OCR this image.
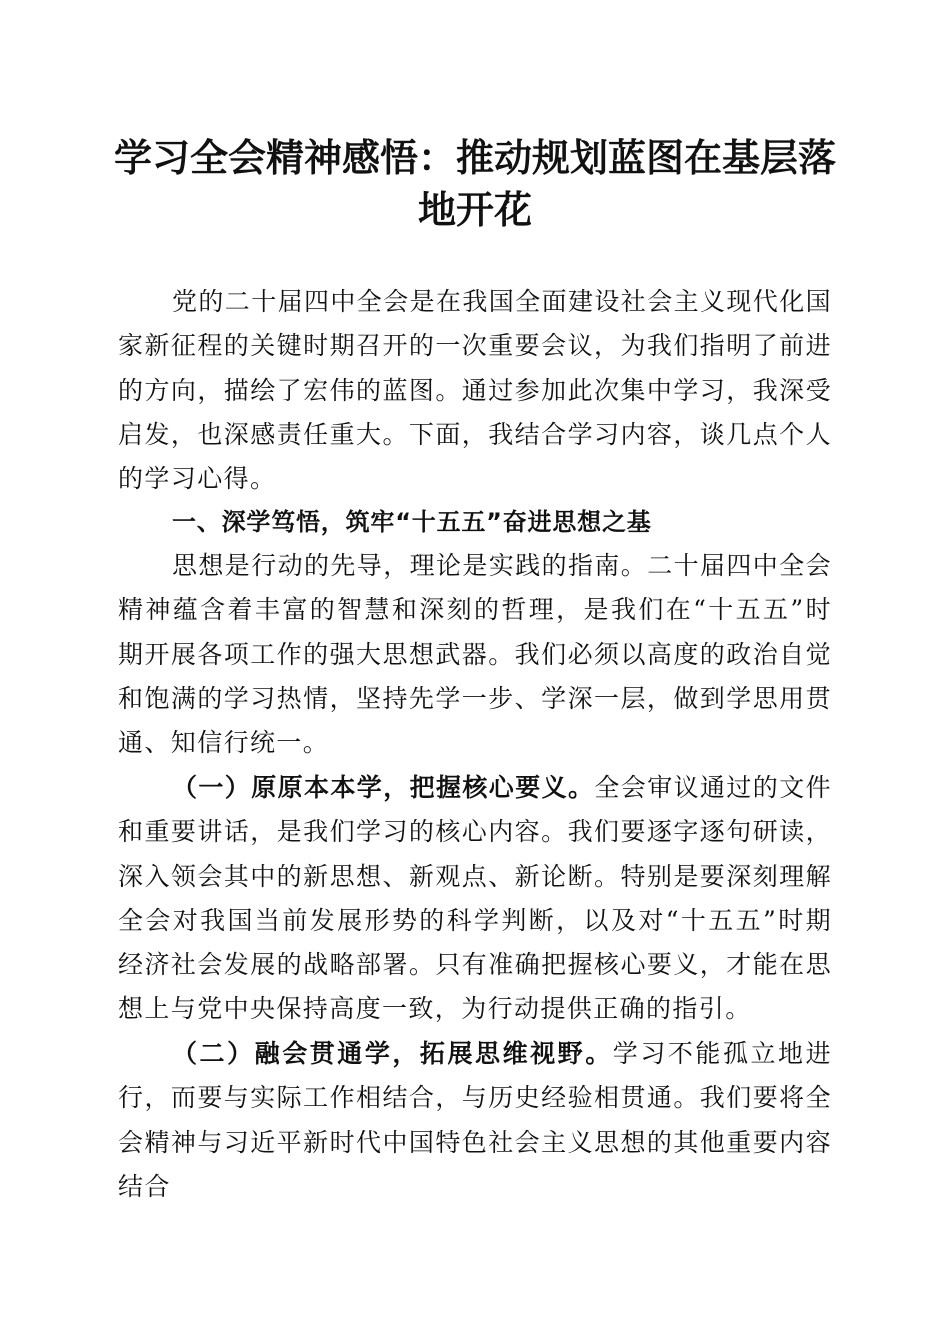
学习全会精神感悟：推动规划蓝图在基层落地开花

党的二十届四中全会是在我国全面建设社会主义现代化国家新征程的关键时期召开的一次重要会议，为我们指明了前进的方向，描绘了宏伟的蓝图。通过参加此次集中学习，我深受启发，也深感责任重大。下面，我结合学习内容，谈几点个人的学习心得。

一、深学笃悟，筑牢“十五五”奋进思想之基

思想是行动的先导，理论是实践的指南。二十届四中全会精神蕴含着丰富的智慧和深刻的哲理，是我们在“十五五”时期开展各项工作的强大思想武器。我们必须以高度的政治自觉和饱满的学习热情，坚持先学一步、学深一层，做到学思用贯通、知信行统一。

（一）原原本本学，把握核心要义。全会审议通过的文件和重要讲话，是我们学习的核心内容。我们要逐字逐句研读，深入领会其中的新思想、新观点、新论断。特别是要深刻理解全会对我国当前发展形势的科学判断，以及对“十五五”时期经济社会发展的战略部署。只有准确把握核心要义，才能在思想上与党中央保持高度一致，为行动提供正确的指引。

（二）融会贯通学，拓展思维视野。学习不能孤立地进行，而要与实际工作相结合，与历史经验相贯通。我们要将全会精神与习近平新时代中国特色社会主义思想的其他重要内容结合
